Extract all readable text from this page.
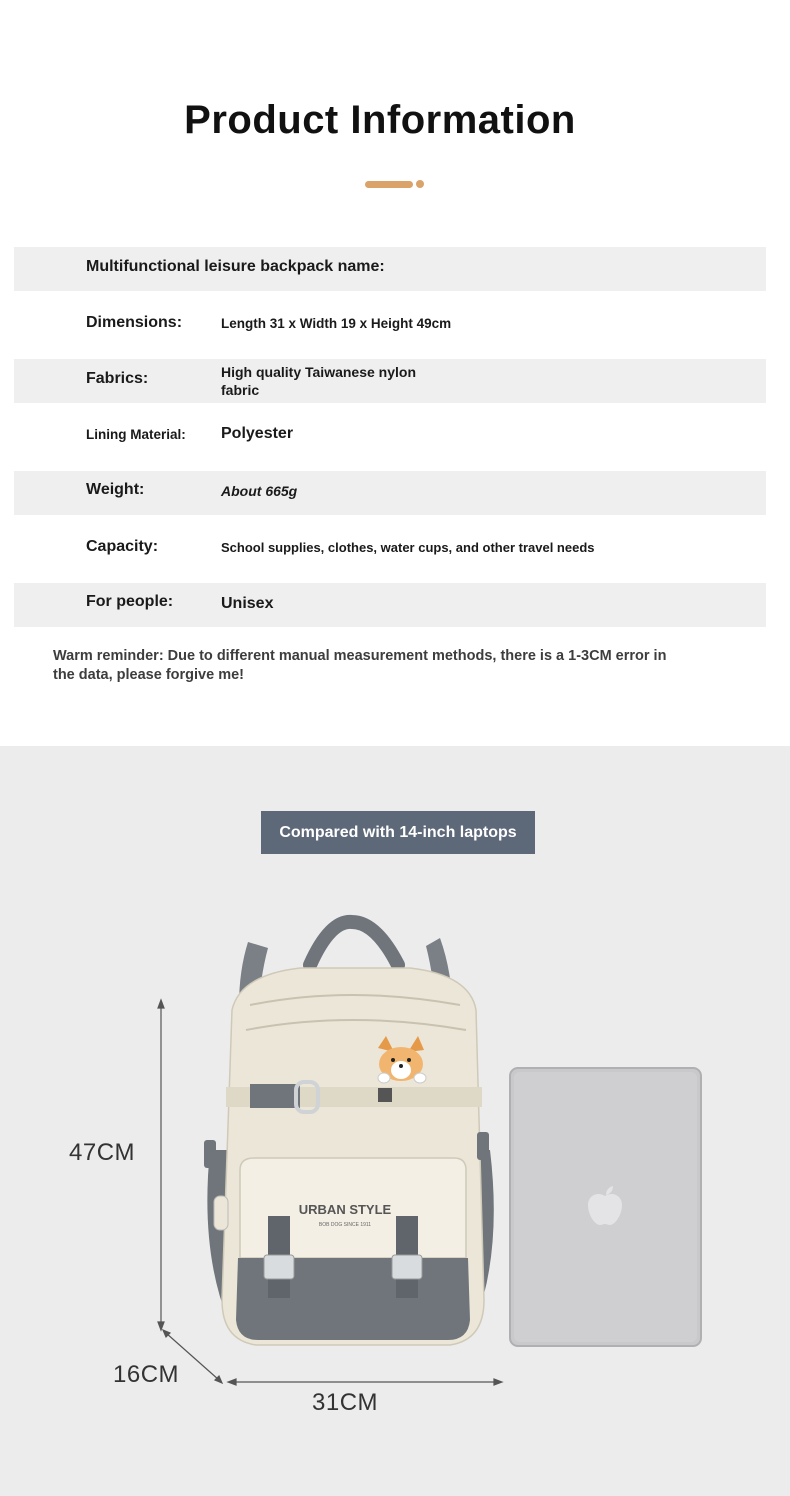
Product Information
Multifunctional leisure backpack name:
Dimensions:	Length 31 x Width 19 x Height 49cm
Fabrics:	High quality Taiwanese nylon
fabric
Lining Material: Polyester
Weight:	About 665g
Capacity:	School supplies, clothes, water cups, and other travel needs
For people:	Unisex
Warm reminder: Due to different manual measurement methods, there is a 1-3CM error in the data, please forgive me!
URBAN STYLE
BOB DOG SINCE 1911
Compared with 14-inch laptops
47CM
16CM
31CM
